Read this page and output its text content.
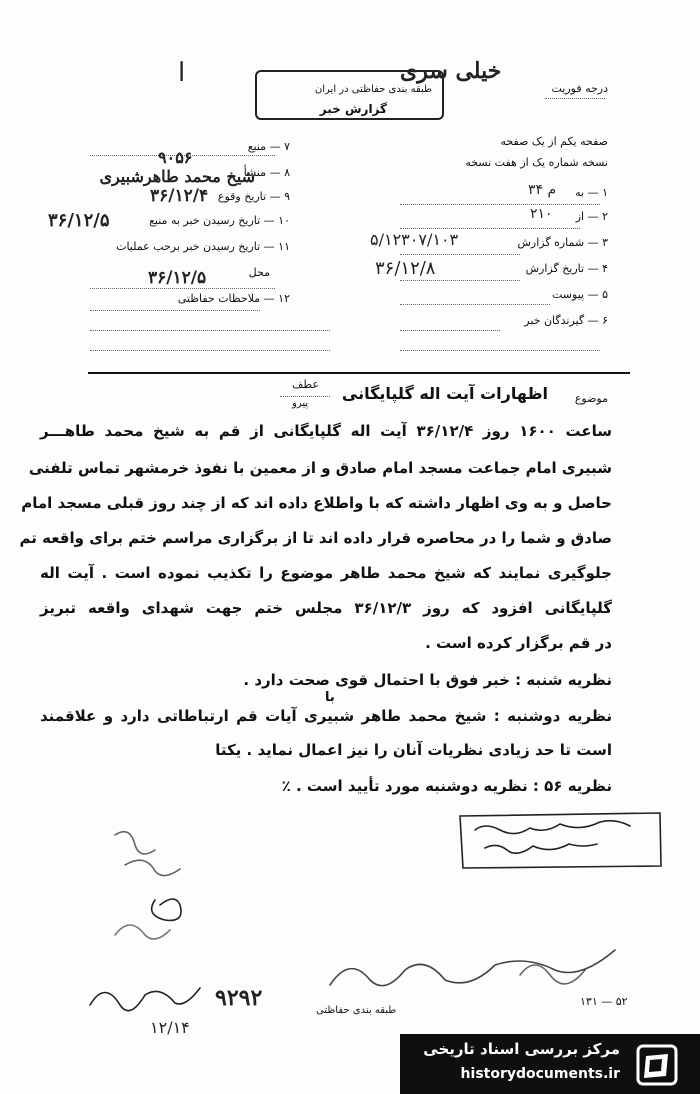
ا
طبقه بندی حفاظتی در ایران
گزارش خبر
خیلی سری
درجه فوریت
صفحه یکم از یک صفحه
نسخه شماره یک از هفت نسخه
۱ — به
م ۳۴
۲ — از
۲۱۰
۳ — شماره گزارش
۵/۱۲۳۰۷/۱۰۳
۴ — تاریخ گزارش
۳۶/۱۲/۸
۵ — پیوست
۶ — گیرندگان خبر
۷ — منبع
۹۰۵۶
۸ — منشأ
شیخ محمد طاهرشبیری
۹ — تاریخ وقوع
۳۶/۱۲/۴
۱۰ — تاریخ رسیدن خبر به منبع
۳۶/۱۲/۵
۱۱ — تاریخ رسیدن خبر برحب عملیات
محل
۳۶/۱۲/۵
۱۲ — ملاحظات حفاظتی
عطف
پیرو	موضوع
اظهارات آیت اله گلپایگانی
ساعت ۱۶۰۰ روز ۳۶/۱۲/۴ آیت اله گلپایگانی از قم به شیخ محمد طاهـــر
شبیری امام جماعت مسجد امام صادق و از معمین با نفوذ خرمشهر تماس تلفنی
حاصل و به وی اظهار داشته که با واطلاع داده اند که از چند روز قبلی مسجد امام
صادق و شما را در محاصره قرار داده اند تا از برگزاری مراسم ختم برای واقعه تم
جلوگیری نمایند که شیخ محمد طاهر موضوع را تکذیب نموده است . آیت اله
گلپایگانی افزود که روز ۳۶/۱۲/۳ مجلس ختم جهت شهدای واقعه تبریز
در قم برگزار کرده است .
نظریه شنبه : خبر فوق با احتمال قوی صحت دارد .
با
نظریه دوشنبه : شیخ محمد طاهر شبیری آیات قم ارتباطاتی دارد و علاقمند
است تا حد زیادی نظریات آنان را نیز اعمال نماید . یکتا
نظریه ۵۶ : نظریه دوشنبه مورد تأیید است . ٪
۹۲۹۲
۱۲/۱۴
۱۳۱ — ۵۲
طبقه بندی حفاظتی
مرکز بررسی اسناد تاریخی
historydocuments.ir
